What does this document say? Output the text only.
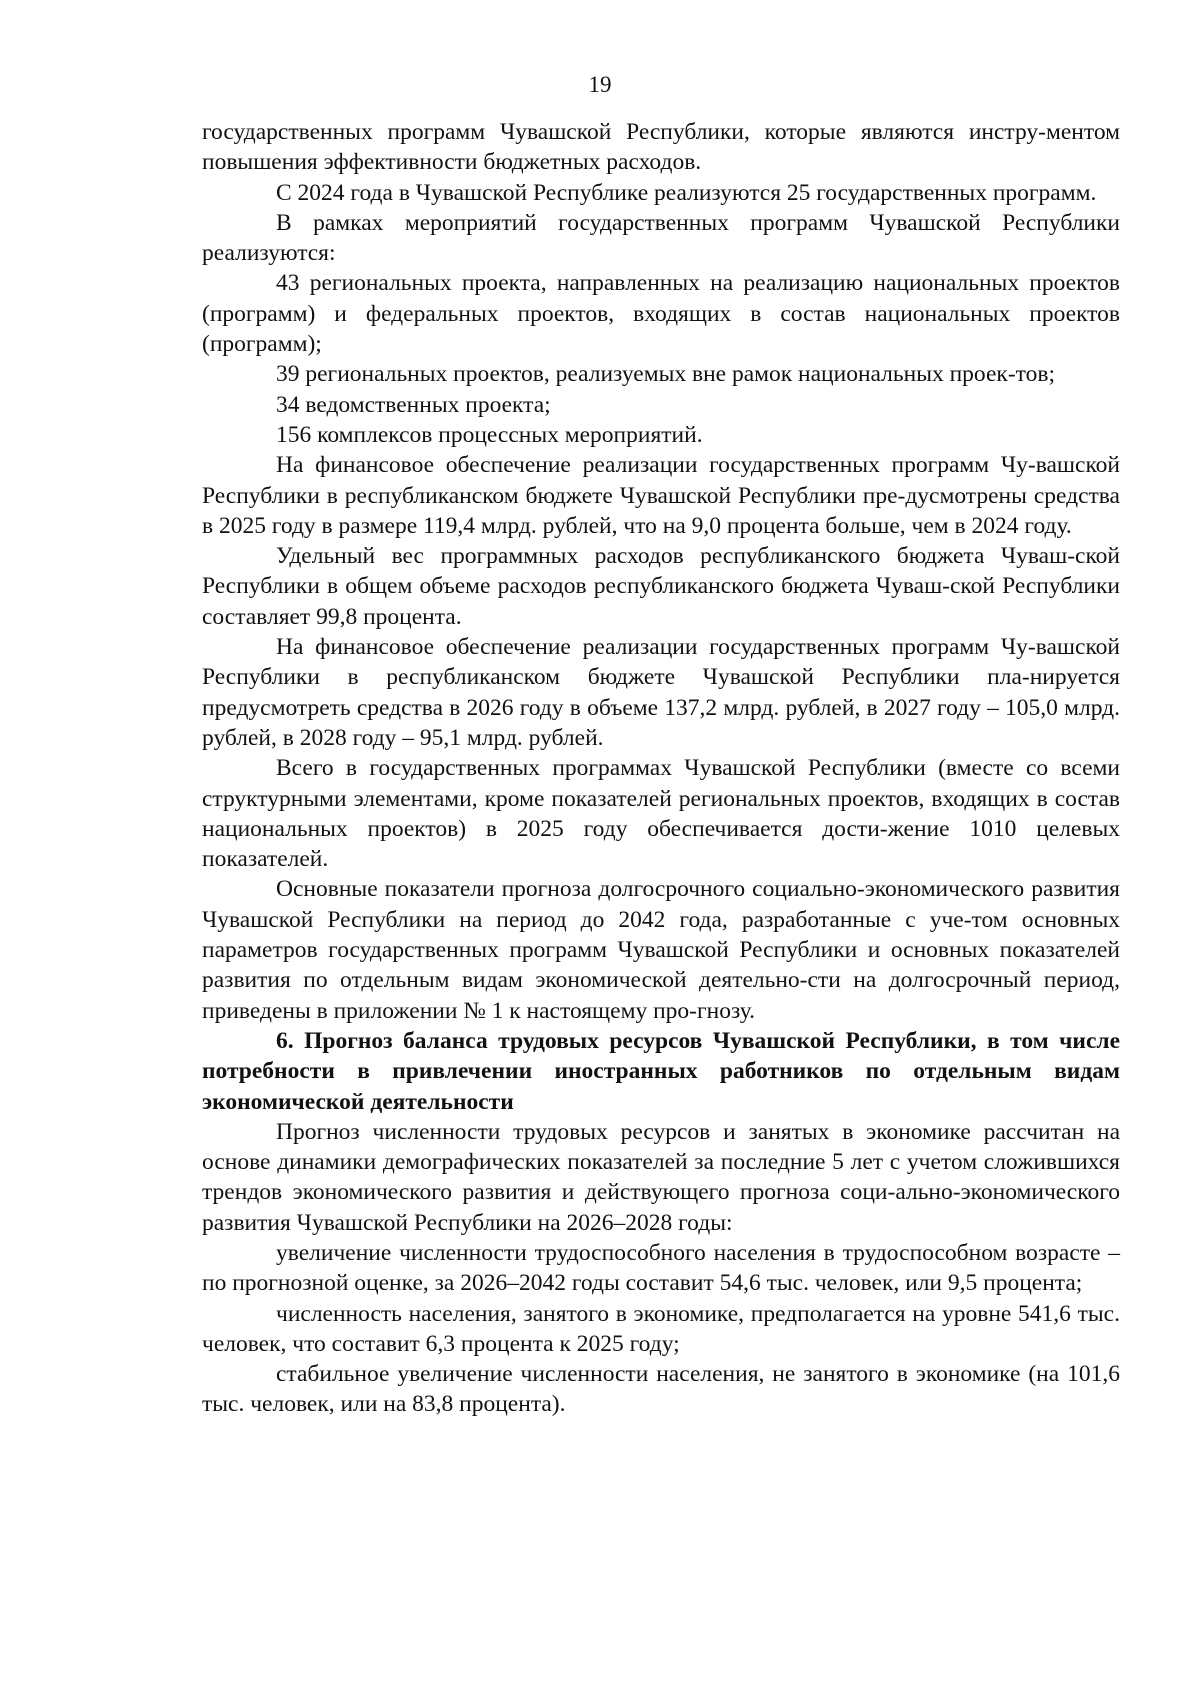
19

государственных программ Чувашской Республики, которые являются инстру-ментом повышения эффективности бюджетных расходов.

С 2024 года в Чувашской Республике реализуются 25 государственных программ.

В рамках мероприятий государственных программ Чувашской Республики реализуются:

43 региональных проекта, направленных на реализацию национальных проектов (программ) и федеральных проектов, входящих в состав национальных проектов (программ);

39 региональных проектов, реализуемых вне рамок национальных проек-тов;

34 ведомственных проекта;

156 комплексов процессных мероприятий.

На финансовое обеспечение реализации государственных программ Чу-вашской Республики в республиканском бюджете Чувашской Республики пре-дусмотрены средства в 2025 году в размере 119,4 млрд. рублей, что на 9,0 процента больше, чем в 2024 году.

Удельный вес программных расходов республиканского бюджета Чуваш-ской Республики в общем объеме расходов республиканского бюджета Чуваш-ской Республики составляет 99,8 процента.

На финансовое обеспечение реализации государственных программ Чу-вашской Республики в республиканском бюджете Чувашской Республики пла-нируется предусмотреть средства в 2026 году в объеме 137,2 млрд. рублей, в 2027 году – 105,0 млрд. рублей, в 2028 году – 95,1 млрд. рублей.

Всего в государственных программах Чувашской Республики (вместе со всеми структурными элементами, кроме показателей региональных проектов, входящих в состав национальных проектов) в 2025 году обеспечивается дости-жение 1010 целевых показателей.

Основные показатели прогноза долгосрочного социально-экономического развития Чувашской Республики на период до 2042 года, разработанные с уче-том основных параметров государственных программ Чувашской Республики и основных показателей развития по отдельным видам экономической деятельно-сти на долгосрочный период, приведены в приложении № 1 к настоящему про-гнозу.

6. Прогноз баланса трудовых ресурсов Чувашской Республики, в том числе потребности в привлечении иностранных работников по отдельным видам экономической деятельности

Прогноз численности трудовых ресурсов и занятых в экономике рассчитан на основе динамики демографических показателей за последние 5 лет с учетом сложившихся трендов экономического развития и действующего прогноза соци-ально-экономического развития Чувашской Республики на 2026–2028 годы:

увеличение численности трудоспособного населения в трудоспособном возрасте – по прогнозной оценке, за 2026–2042 годы составит 54,6 тыс. человек, или 9,5 процента;

численность населения, занятого в экономике, предполагается на уровне 541,6 тыс. человек, что составит 6,3 процента к 2025 году;

стабильное увеличение численности населения, не занятого в экономике (на 101,6 тыс. человек, или на 83,8 процента).
